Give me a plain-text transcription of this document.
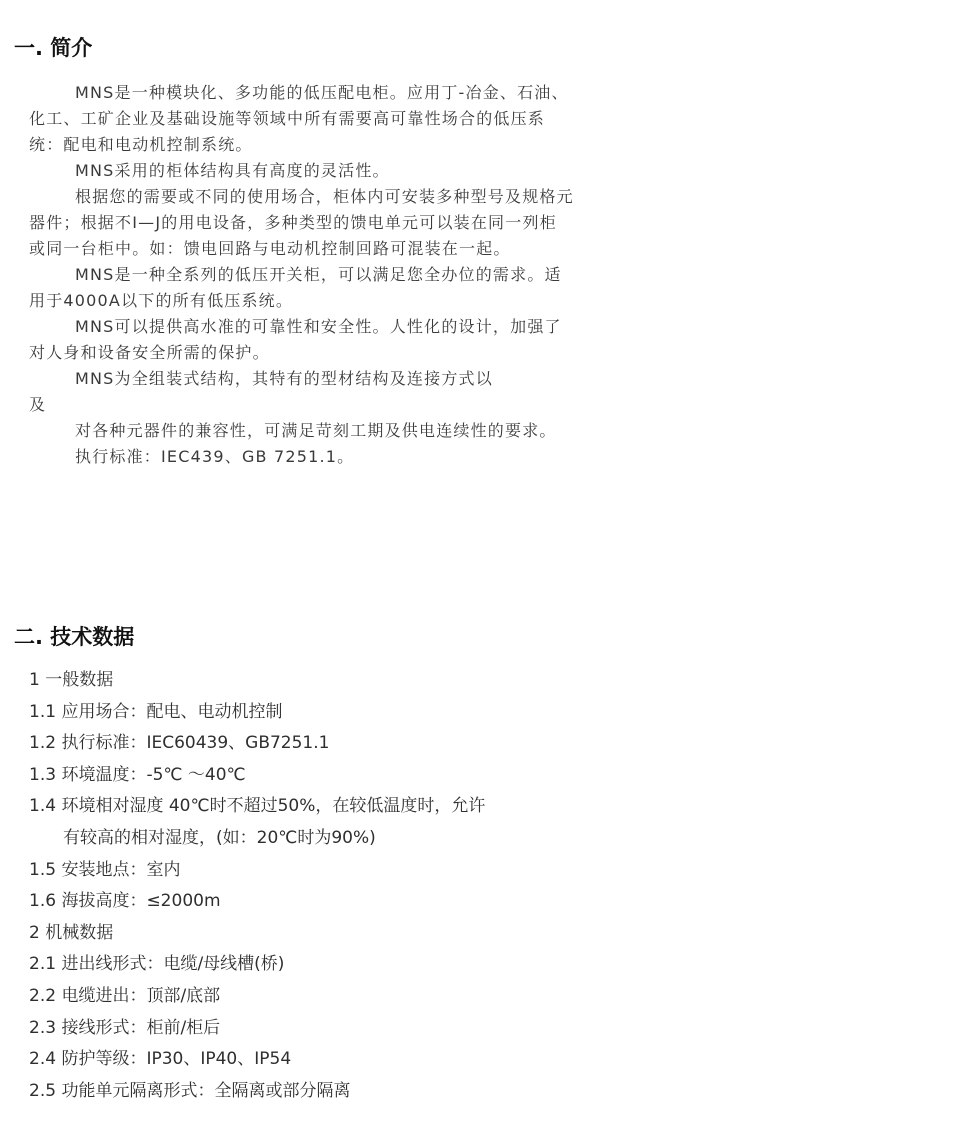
一. 简介

MNS是一种模块化、多功能的低压配电柜。应用丁-冶金、石油、化工、工矿企业及基础设施等领域中所有需要高可靠性场合的低压系统：配电和电动机控制系统。

MNS采用的柜体结构具有高度的灵活性。

根据您的需要或不同的使用场合，柜体内可安装多种型号及规格元器件；根据不I—J的用电设备，多种类型的馈电单元可以装在同一列柜或同一台柜中。如：馈电回路与电动机控制回路可混装在一起。

MNS是一种全系列的低压开关柜，可以满足您全办位的需求。适用于4000A以下的所有低压系统。

MNS可以提供高水准的可靠性和安全性。人性化的设计，加强了对人身和设备安全所需的保护。

MNS为全组装式结构，其特有的型材结构及连接方式以

及

对各种元器件的兼容性，可满足苛刻工期及供电连续性的要求。

执行标准：IEC439、GB 7251.1。

二. 技术数据
1 一般数据
1.1 应用场合：配电、电动机控制
1.2 执行标准：IEC60439、GB7251.1
1.3 环境温度：-5℃ ～40℃
1.4 环境相对湿度 40℃时不超过50%，在较低温度时，允许
有较高的相对湿度，(如：20℃时为90%)
1.5 安装地点：室内
1.6 海拔高度：≤2000m
2 机械数据
2.1 进出线形式：电缆/母线槽(桥)
2.2 电缆进出：顶部/底部
2.3 接线形式：柜前/柜后
2.4 防护等级：IP30、IP40、IP54
2.5 功能单元隔离形式：全隔离或部分隔离
